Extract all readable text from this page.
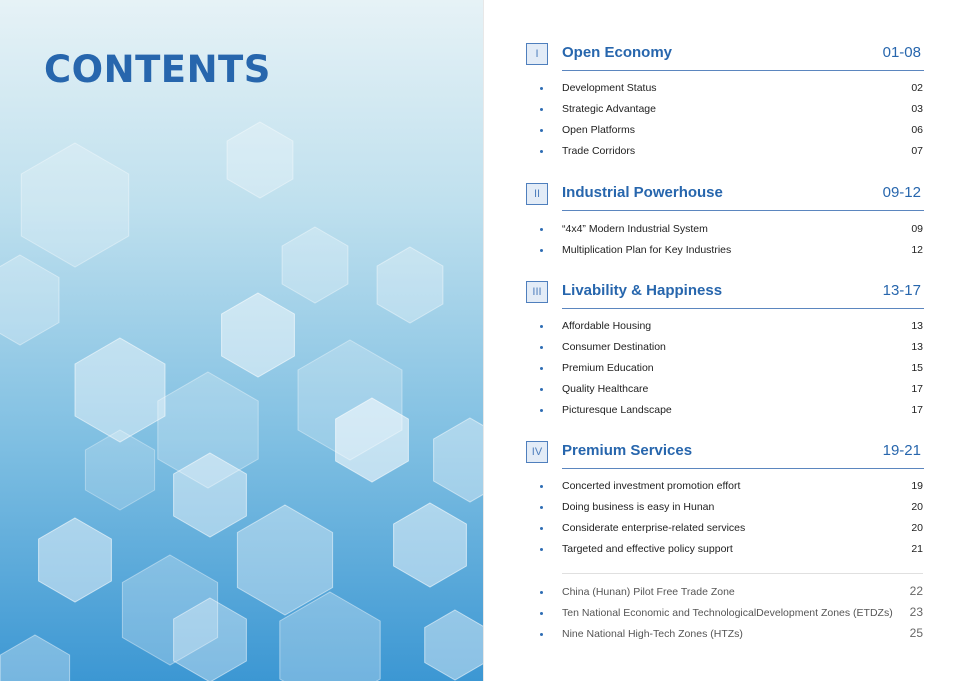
CONTENTS	I	Open Economy	01-08
Development Status	02
Strategic Advantage	03
Open Platforms	06
Trade Corridors	07
II	Industrial Powerhouse	09-12
“4x4” Modern Industrial System	09
Multiplication Plan for Key Industries	12
III	Livability & Happiness	13-17
Affordable Housing	13
Consumer Destination	13
Premium Education	15
Quality Healthcare	17
Picturesque Landscape	17
IV	Premium Services	19-21
Concerted investment promotion effort	19
Doing business is easy in Hunan	20
Considerate enterprise-related services	20
Targeted and effective policy support	21
China (Hunan) Pilot Free Trade Zone	22
Ten National Economic and TechnologicalDevelopment Zones (ETDZs) 23
Nine National High-Tech Zones (HTZs)	25
